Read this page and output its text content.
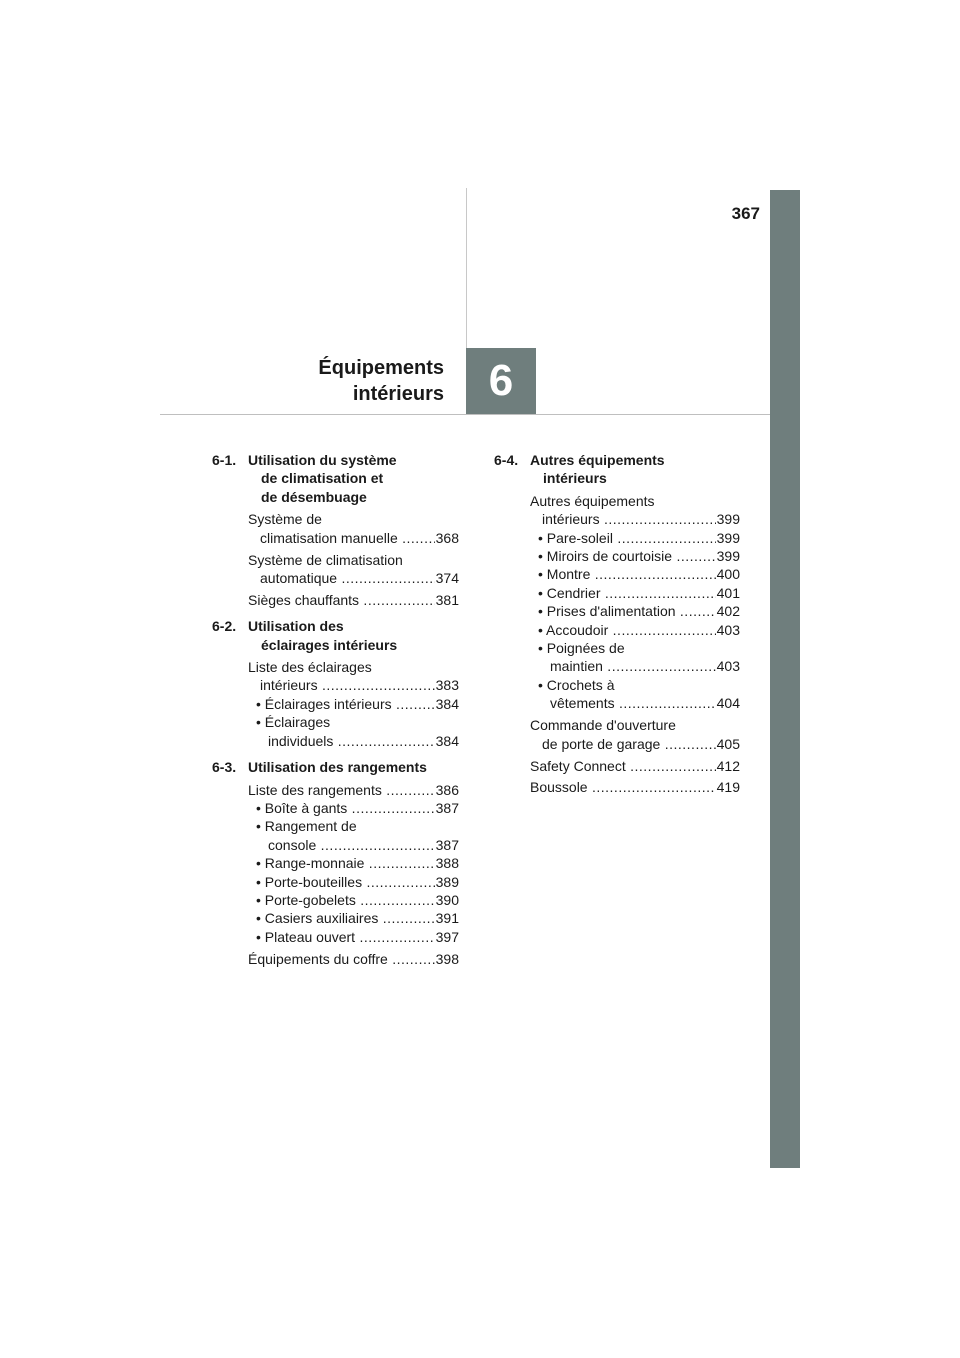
367
Équipements
intérieurs 6
6-1. Utilisation du système
de climatisation et
de désembuage
Système de
climatisation manuelle .....	368
Système de climatisation
automatique .....	374
Sièges chauffants .....	381
6-2. Utilisation des
éclairages intérieurs
Liste des éclairages
intérieurs .....	383
• Éclairages intérieurs .....	384
• Éclairages
individuels .....	384
6-3. Utilisation des rangements
Liste des rangements .....	386
• Boîte à gants .....	387
• Rangement de
console .....	387
• Range-monnaie .....	388
• Porte-bouteilles .....	389
• Porte-gobelets .....	390
• Casiers auxiliaires .....	391
• Plateau ouvert .....	397
Équipements du coffre .....	398
6-4. Autres équipements
intérieurs
Autres équipements
intérieurs .....	399
• Pare-soleil .....	399
• Miroirs de courtoisie .....	399
• Montre .....	400
• Cendrier .....	401
• Prises d'alimentation .....	402
• Accoudoir .....	403
• Poignées de
maintien .....	403
• Crochets à
vêtements .....	404
Commande d'ouverture
de porte de garage .....	405
Safety Connect .....	412
Boussole .....	419
